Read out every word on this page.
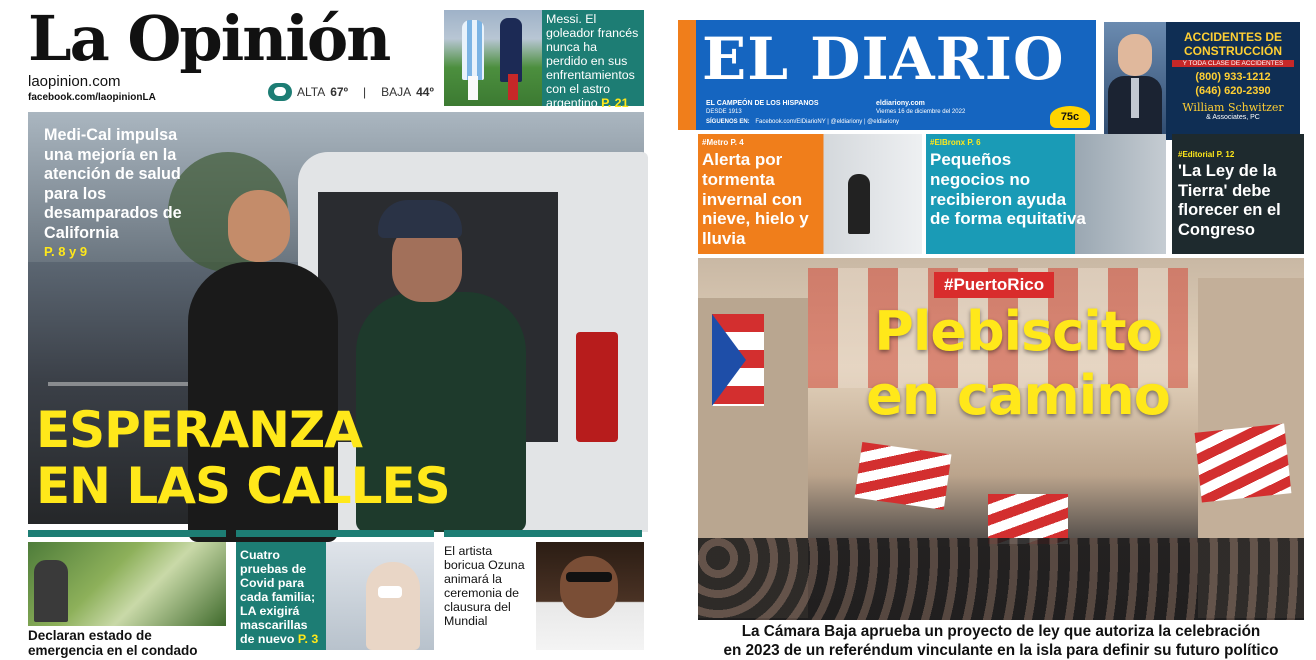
La Opinión
laopinion.com
facebook.com/laopinionLA	ALTA 67º | BAJA 44º
Messi. El goleador francés nunca ha perdido en sus enfrentamientos con el astro argentino P. 21
Medi-Cal impulsa una mejoría en la atención de salud para los desamparados de California
P. 8 y 9
ESPERANZA
EN LAS CALLES
Declaran estado de emergencia en el condado
Cuatro pruebas de Covid para cada familia; LA exigirá mascarillas de nuevo P. 3
El artista boricua Ozuna animará la ceremonia de clausura del Mundial
EL DIARIO
EL CAMPEÓN DE LOS HISPANOS
DESDE 1913
eldiariony.com
Viernes 16 de diciembre del 2022
SÍGUENOS EN: Facebook.com/ElDiarioNY | @eldiariony | @eldiariony	75c
ACCIDENTES DE
CONSTRUCCIÓN
Y TODA CLASE DE ACCIDENTES
(800) 933-1212
(646) 620-2390
William Schwitzer
& Associates, PC
#Metro P. 4
Alerta por tormenta invernal con nieve, hielo y lluvia
#ElBronx P. 6
Pequeños negocios no recibieron ayuda de forma equitativa
#Editorial P. 12
'La Ley de la Tierra' debe florecer en el Congreso
#PuertoRico
Plebiscito
en camino
Getty Images
La Cámara Baja aprueba un proyecto de ley que autoriza la celebración
en 2023 de un referéndum vinculante en la isla para definir su futuro político
